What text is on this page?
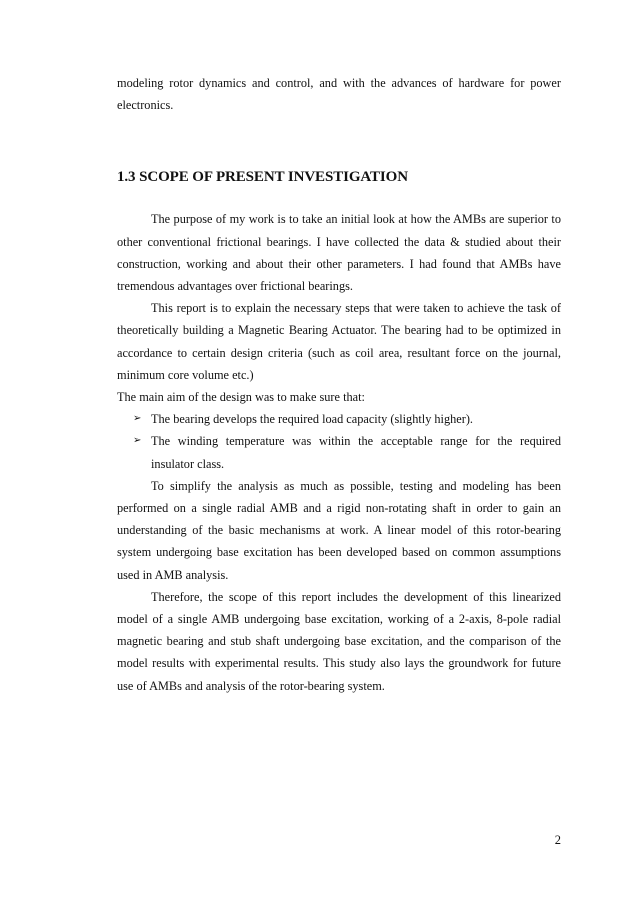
modeling rotor dynamics and control, and with the advances of hardware for power electronics.

1.3 SCOPE OF PRESENT INVESTIGATION

The purpose of my work is to take an initial look at how the AMBs are superior to other conventional frictional bearings. I have collected the data & studied about their construction, working and about their other parameters. I had found that AMBs have tremendous advantages over frictional bearings.

This report is to explain the necessary steps that were taken to achieve the task of theoretically building a Magnetic Bearing Actuator. The bearing had to be optimized in accordance to certain design criteria (such as coil area, resultant force on the journal, minimum core volume etc.)

The main aim of the design was to make sure that:

➢ The bearing develops the required load capacity (slightly higher).
➢ The winding temperature was within the acceptable range for the required insulator class.

To simplify the analysis as much as possible, testing and modeling has been performed on a single radial AMB and a rigid non-rotating shaft in order to gain an understanding of the basic mechanisms at work. A linear model of this rotor-bearing system undergoing base excitation has been developed based on common assumptions used in AMB analysis.

Therefore, the scope of this report includes the development of this linearized model of a single AMB undergoing base excitation, working of a 2-axis, 8-pole radial magnetic bearing and stub shaft undergoing base excitation, and the comparison of the model results with experimental results. This study also lays the groundwork for future use of AMBs and analysis of the rotor-bearing system.

2
